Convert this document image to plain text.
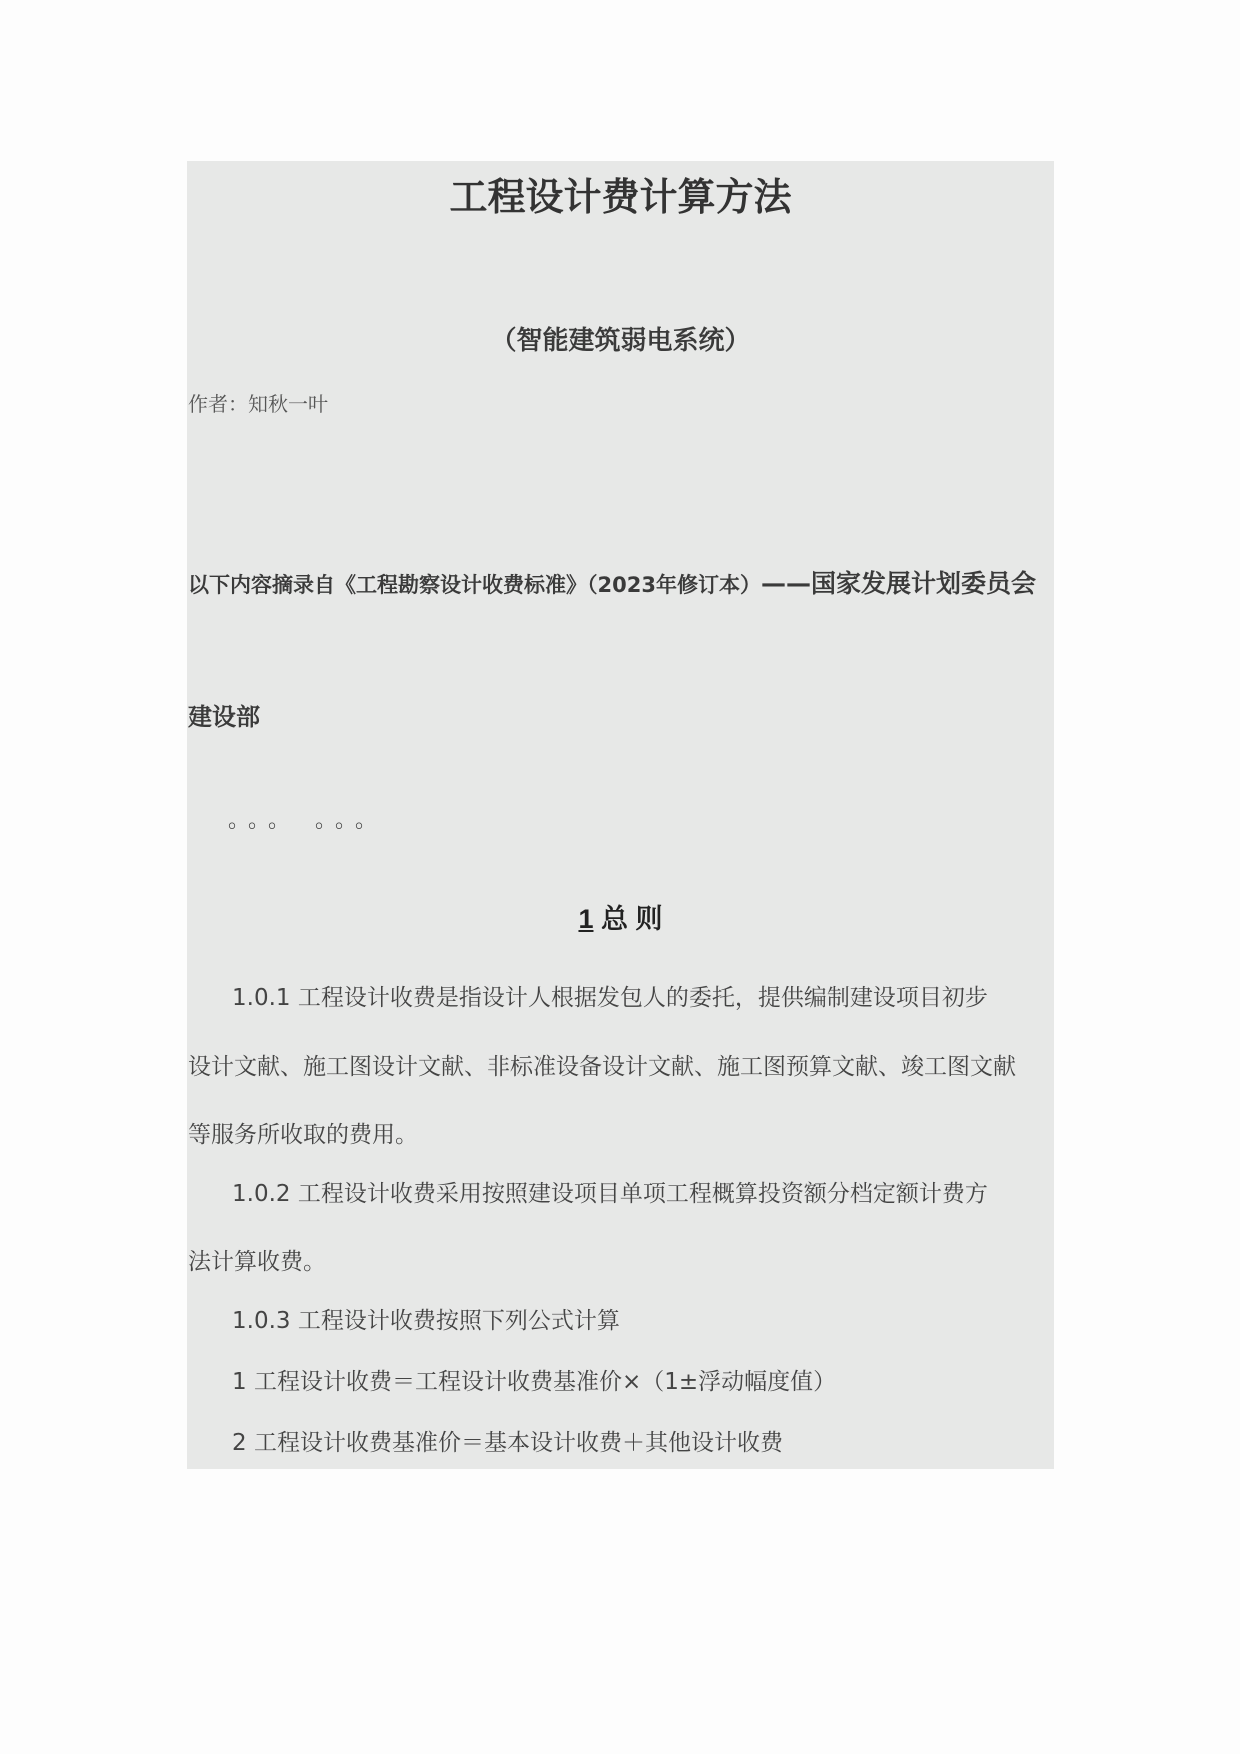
工程设计费计算方法
（智能建筑弱电系统）
作者：知秋一叶
以下内容摘录自《工程勘察设计收费标准》（2023年修订本）——国家发展计划委员会
建设部
。。。 。。。
1 总 则
1.0.1 工程设计收费是指设计人根据发包人的委托，提供编制建设项目初步
设计文献、施工图设计文献、非标准设备设计文献、施工图预算文献、竣工图文献
等服务所收取的费用。
1.0.2 工程设计收费采用按照建设项目单项工程概算投资额分档定额计费方
法计算收费。
1.0.3 工程设计收费按照下列公式计算
1 工程设计收费＝工程设计收费基准价×（1±浮动幅度值）
2 工程设计收费基准价＝基本设计收费＋其他设计收费
